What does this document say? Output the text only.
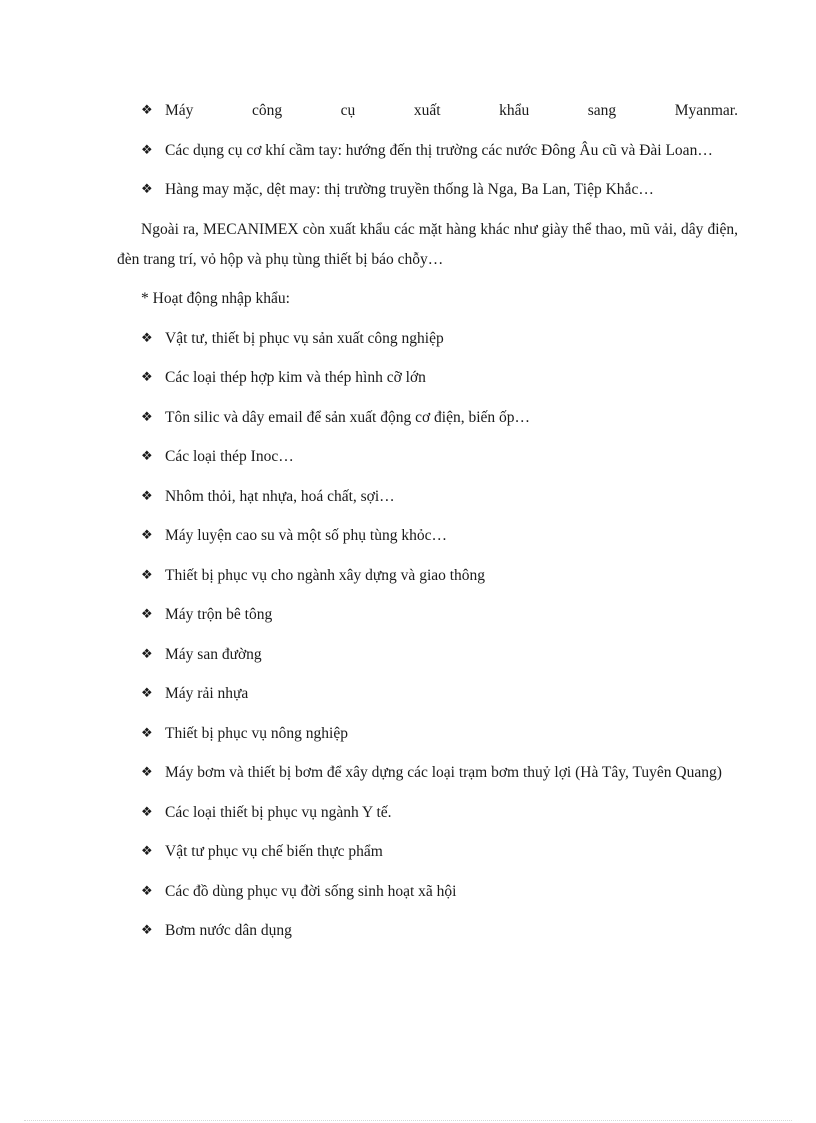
❖ Máy công cụ xuất khẩu sang Myanmar.

❖ Các dụng cụ cơ khí cầm tay: hướng đến thị trường các nước Đông Âu cũ và Đài Loan…

❖ Hàng may mặc, dệt may: thị trường truyền thống là Nga, Ba Lan, Tiệp Khắc…

Ngoài ra, MECANIMEX còn xuất khẩu các mặt hàng khác như giày thể thao, mũ vải, dây điện, đèn trang trí, vỏ hộp và phụ tùng thiết bị báo chỗy…

* Hoạt động nhập khẩu:

❖ Vật tư, thiết bị phục vụ sản xuất công nghiệp

❖ Các loại thép hợp kim và thép hình cỡ lớn

❖ Tôn silic và dây email để sản xuất động cơ điện, biến ốp…

❖ Các loại thép Inoc…

❖ Nhôm thỏi, hạt nhựa, hoá chất, sợi…

❖ Máy luyện cao su và một số phụ tùng khỏc…

❖ Thiết bị phục vụ cho ngành xây dựng và giao thông

❖ Máy trộn bê tông

❖ Máy san đường

❖ Máy rải nhựa

❖ Thiết bị phục vụ nông nghiệp

❖ Máy bơm và thiết bị bơm để xây dựng các loại trạm bơm thuỷ lợi (Hà Tây, Tuyên Quang)

❖ Các loại thiết bị phục vụ ngành Y tế.

❖ Vật tư phục vụ chế biến thực phẩm

❖ Các đồ dùng phục vụ đời sống sinh hoạt xã hội

❖ Bơm nước dân dụng
